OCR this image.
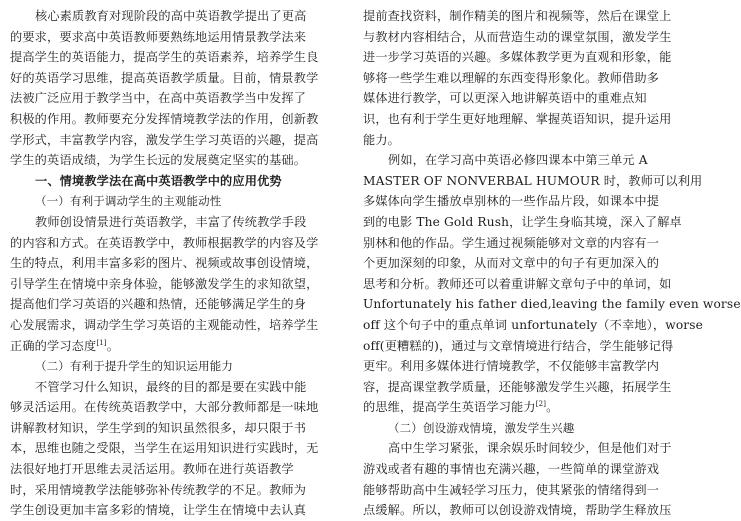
核心素质教育对现阶段的高中英语教学提出了更高
的要求，要求高中英语教师要熟练地运用情景教学法来
提高学生的英语能力，提高学生的英语素养，培养学生良
好的英语学习思维，提高英语教学质量。目前，情景教学
法被广泛应用于教学当中，在高中英语教学当中发挥了
积极的作用。教师要充分发挥情境教学法的作用，创新教
学形式，丰富教学内容，激发学生学习英语的兴趣，提高
学生的英语成绩，为学生长远的发展奠定坚实的基础。
一、情境教学法在高中英语教学中的应用优势
（一）有利于调动学生的主观能动性
教师创设情景进行英语教学，丰富了传统教学手段
的内容和方式。在英语教学中，教师根据教学的内容及学
生的特点，利用丰富多彩的图片、视频或故事创设情境，
引导学生在情境中亲身体验，能够激发学生的求知欲望，
提高他们学习英语的兴趣和热情，还能够满足学生的身
心发展需求，调动学生学习英语的主观能动性，培养学生
正确的学习态度[1]。
（二）有利于提升学生的知识运用能力
不管学习什么知识，最终的目的都是要在实践中能
够灵活运用。在传统英语教学中，大部分教师都是一味地
讲解教材知识，学生学到的知识虽然很多，却只限于书
本，思维也随之受限，当学生在运用知识进行实践时，无
法很好地打开思维去灵活运用。教师在进行英语教学
时，采用情境教学法能够弥补传统教学的不足。教师为
学生创设更加丰富多彩的情境，让学生在情境中去认真
提前查找资料，制作精美的图片和视频等，然后在课堂上
与教材内容相结合，从而营造生动的课堂氛围，激发学生
进一步学习英语的兴趣。多媒体教学更为直观和形象，能
够将一些学生难以理解的东西变得形象化。教师借助多
媒体进行教学，可以更深入地讲解英语中的重难点知
识，也有利于学生更好地理解、掌握英语知识，提升运用
能力。
例如，在学习高中英语必修四课本中第三单元 A
MASTER OF NONVERBAL HUMOUR 时，教师可以利用
多媒体向学生播放卓别林的一些作品片段，如课本中提
到的电影 The Gold Rush，让学生身临其境，深入了解卓
别林和他的作品。学生通过视频能够对文章的内容有一
个更加深刻的印象，从而对文章中的句子有更加深入的
思考和分析。教师还可以着重讲解文章句子中的单词，如
Unfortunately his father died,leaving the family even worse
off 这个句子中的重点单词 unfortunately（不幸地），worse
off(更糟糕的)，通过与文章情境进行结合，学生能够记得
更牢。利用多媒体进行情境教学，不仅能够丰富教学内
容，提高课堂教学质量，还能够激发学生兴趣，拓展学生
的思维，提高学生英语学习能力[2]。
（二）创设游戏情境，激发学生兴趣
高中生学习紧张，课余娱乐时间较少，但是他们对于
游戏或者有趣的事情也充满兴趣，一些简单的课堂游戏
能够帮助高中生减轻学习压力，使其紧张的情绪得到一
点缓解。所以，教师可以创设游戏情境，帮助学生释放压
